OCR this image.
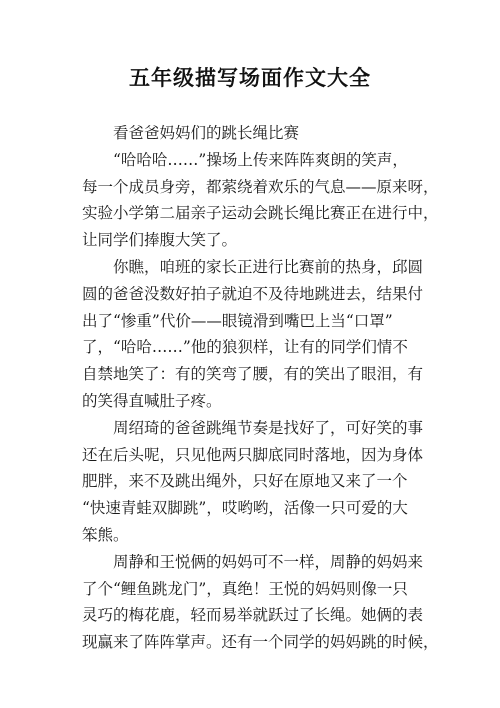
五年级描写场面作文大全
看爸爸妈妈们的跳长绳比赛
“哈哈哈……”操场上传来阵阵爽朗的笑声，
每一个成员身旁，都萦绕着欢乐的气息——原来呀，
实验小学第二届亲子运动会跳长绳比赛正在进行中，
让同学们捧腹大笑了。
你瞧，咱班的家长正进行比赛前的热身，邱圆
圆的爸爸没数好拍子就迫不及待地跳进去，结果付
出了“惨重”代价——眼镜滑到嘴巴上当“口罩”
了，“哈哈……”他的狼狈样，让有的同学们情不
自禁地笑了：有的笑弯了腰，有的笑出了眼泪，有
的笑得直喊肚子疼。
周绍琦的爸爸跳绳节奏是找好了，可好笑的事
还在后头呢，只见他两只脚底同时落地，因为身体
肥胖，来不及跳出绳外，只好在原地又来了一个
“快速青蛙双脚跳”，哎哟哟，活像一只可爱的大
笨熊。
周静和王悦俩的妈妈可不一样，周静的妈妈来
了个“鲤鱼跳龙门”，真绝！王悦的妈妈则像一只
灵巧的梅花鹿，轻而易举就跃过了长绳。她俩的表
现赢来了阵阵掌声。还有一个同学的妈妈跳的时候，
